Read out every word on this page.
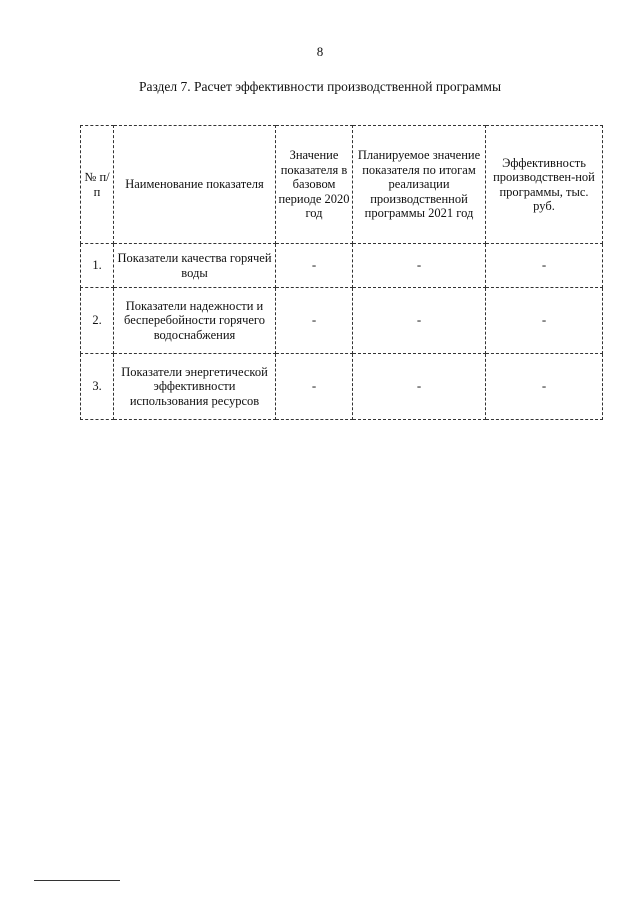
8
Раздел 7. Расчет эффективности производственной программы
№ п/п	Наименование показателя	Значение показателя в базовом периоде 2020 год	Планируемое значение показателя по итогам реализации производственной программы 2021 год	Эффективность производствен-ной программы, тыс. руб.
1.	Показатели качества горячей воды	-	-	-
2.	Показатели надежности и бесперебойности горячего водоснабжения	-	-	-
3.	Показатели энергетической эффективности использования ресурсов	-	-	-
